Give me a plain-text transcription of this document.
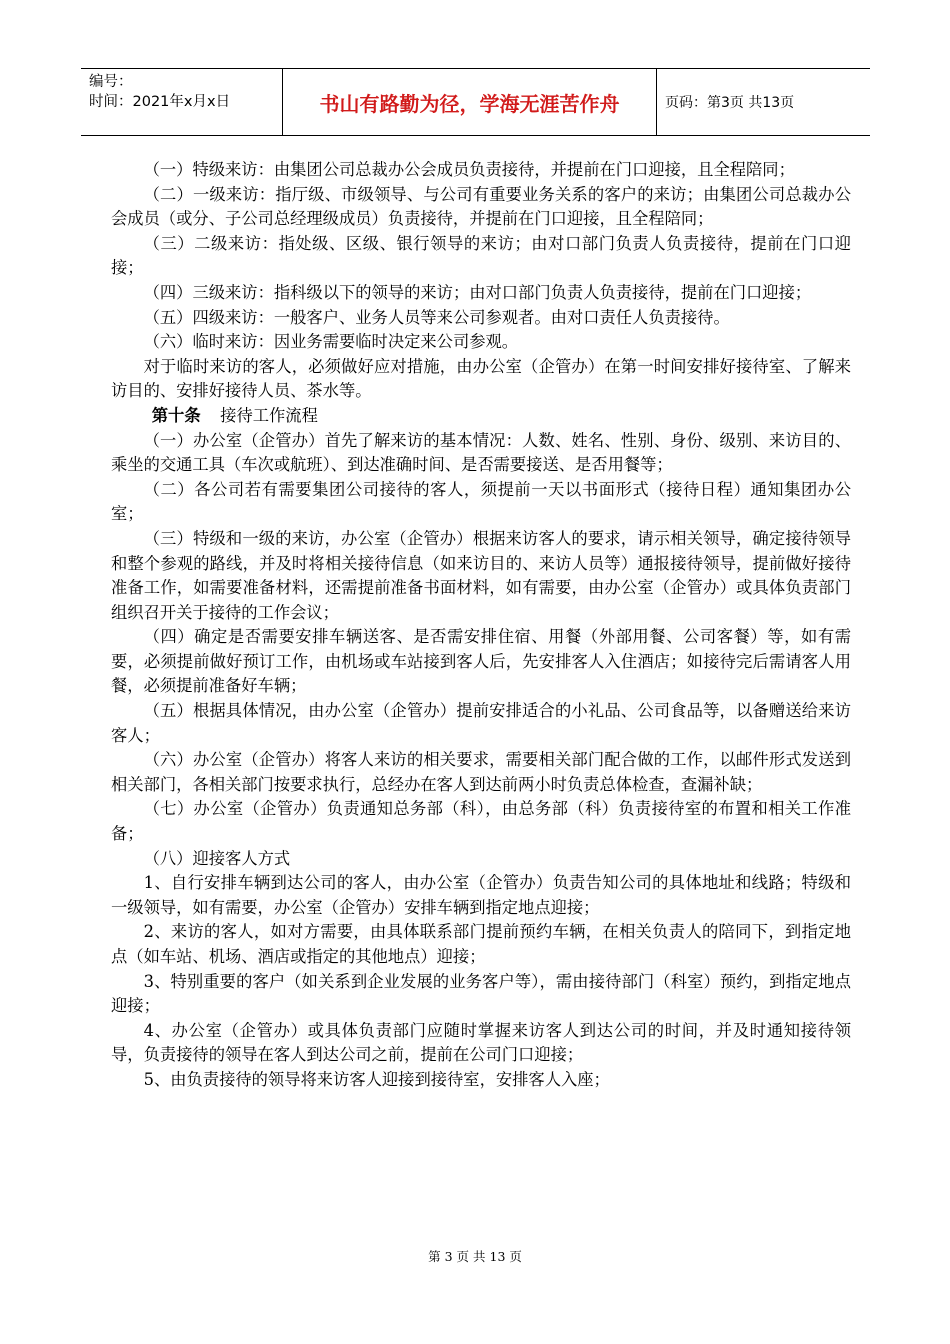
编号：
时间：2021年x月x日	书山有路勤为径，学海无涯苦作舟	页码：第3页 共13页

（一）特级来访：由集团公司总裁办公会成员负责接待，并提前在门口迎接，且全程陪同；

（二）一级来访：指厅级、市级领导、与公司有重要业务关系的客户的来访；由集团公司总裁办公会成员（或分、子公司总经理级成员）负责接待，并提前在门口迎接，且全程陪同；

（三）二级来访：指处级、区级、银行领导的来访；由对口部门负责人负责接待，提前在门口迎接；

（四）三级来访：指科级以下的领导的来访；由对口部门负责人负责接待，提前在门口迎接；

（五）四级来访：一般客户、业务人员等来公司参观者。由对口责任人负责接待。

（六）临时来访：因业务需要临时决定来公司参观。

对于临时来访的客人，必须做好应对措施，由办公室（企管办）在第一时间安排好接待室、了解来访目的、安排好接待人员、茶水等。

第十条 接待工作流程

（一）办公室（企管办）首先了解来访的基本情况：人数、姓名、性别、身份、级别、来访目的、乘坐的交通工具（车次或航班）、到达准确时间、是否需要接送、是否用餐等；

（二）各公司若有需要集团公司接待的客人，须提前一天以书面形式（接待日程）通知集团办公室；

（三）特级和一级的来访，办公室（企管办）根据来访客人的要求，请示相关领导，确定接待领导和整个参观的路线，并及时将相关接待信息（如来访目的、来访人员等）通报接待领导，提前做好接待准备工作，如需要准备材料，还需提前准备书面材料，如有需要，由办公室（企管办）或具体负责部门组织召开关于接待的工作会议；

（四）确定是否需要安排车辆送客、是否需安排住宿、用餐（外部用餐、公司客餐）等，如有需要，必须提前做好预订工作，由机场或车站接到客人后，先安排客人入住酒店；如接待完后需请客人用餐，必须提前准备好车辆；

（五）根据具体情况，由办公室（企管办）提前安排适合的小礼品、公司食品等，以备赠送给来访客人；

（六）办公室（企管办）将客人来访的相关要求，需要相关部门配合做的工作，以邮件形式发送到相关部门，各相关部门按要求执行，总经办在客人到达前两小时负责总体检查，查漏补缺；

（七）办公室（企管办）负责通知总务部（科），由总务部（科）负责接待室的布置和相关工作准备；

（八）迎接客人方式

1、自行安排车辆到达公司的客人，由办公室（企管办）负责告知公司的具体地址和线路；特级和一级领导，如有需要，办公室（企管办）安排车辆到指定地点迎接；

2、来访的客人，如对方需要，由具体联系部门提前预约车辆，在相关负责人的陪同下，到指定地点（如车站、机场、酒店或指定的其他地点）迎接；

3、特别重要的客户（如关系到企业发展的业务客户等），需由接待部门（科室）预约，到指定地点迎接；

4、办公室（企管办）或具体负责部门应随时掌握来访客人到达公司的时间，并及时通知接待领导，负责接待的领导在客人到达公司之前，提前在公司门口迎接；

5、由负责接待的领导将来访客人迎接到接待室，安排客人入座；

第 3 页 共 13 页
